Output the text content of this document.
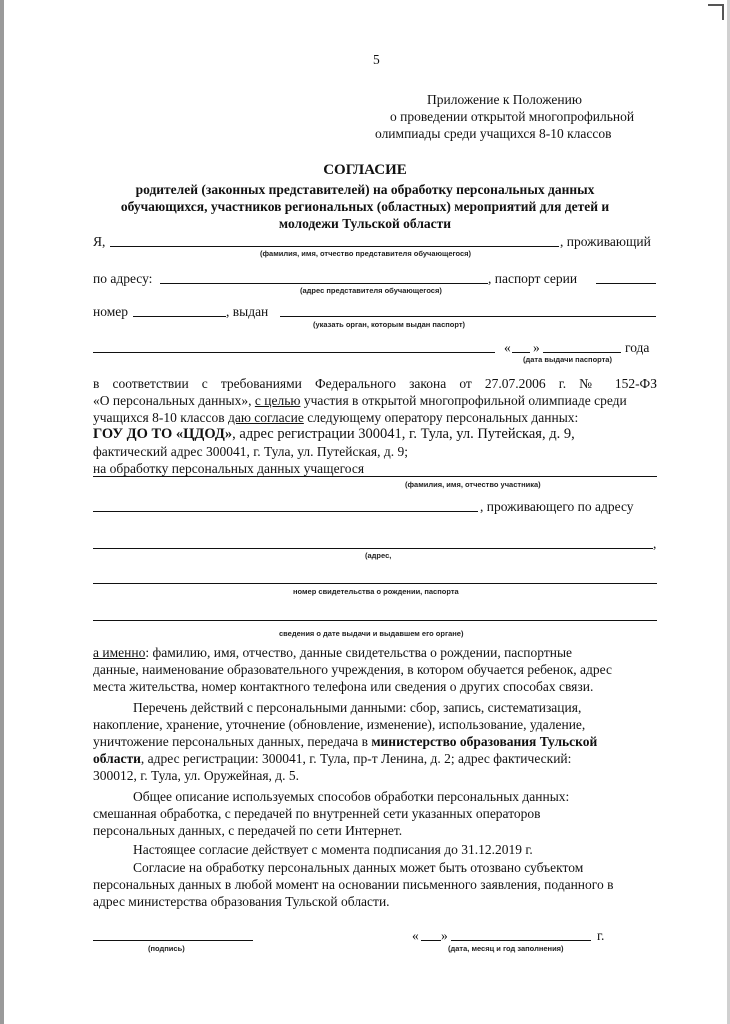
5
Приложение к Положению
о проведении открытой многопрофильной
олимпиады среди учащихся 8-10 классов
СОГЛАСИЕ
родителей (законных представителей) на обработку персональных данных
обучающихся, участников региональных (областных) мероприятий для детей и
молодежи Тульской области
Я,	, проживающий
(фамилия, имя, отчество представителя обучающегося)
по адресу:	, паспорт серии
(адрес представителя обучающегося)
номер	, выдан
(указать орган, которым выдан паспорт)
« »	года
(дата выдачи паспорта)
в соответствии с требованиями Федерального закона от 27.07.2006 г. № 152-ФЗ
«О персональных данных», с целью участия в открытой многопрофильной олимпиаде среди
учащихся 8-10 классов даю согласие следующему оператору персональных данных:
ГОУ ДО ТО «ЦДОД», адрес регистрации 300041, г. Тула, ул. Путейская, д. 9,
фактический адрес 300041, г. Тула, ул. Путейская, д. 9;
на обработку персональных данных учащегося
(фамилия, имя, отчество участника)
, проживающего по адресу
,
(адрес,
номер свидетельства о рождении, паспорта
сведения о дате выдачи и выдавшем его органе)
а именно: фамилию, имя, отчество, данные свидетельства о рождении, паспортные
данные, наименование образовательного учреждения, в котором обучается ребенок, адрес
места жительства, номер контактного телефона или сведения о других способах связи.
Перечень действий с персональными данными: сбор, запись, систематизация,
накопление, хранение, уточнение (обновление, изменение), использование, удаление,
уничтожение персональных данных, передача в министерство образования Тульской
области, адрес регистрации: 300041, г. Тула, пр-т Ленина, д. 2; адрес фактический:
300012, г. Тула, ул. Оружейная, д. 5.
Общее описание используемых способов обработки персональных данных:
смешанная обработка, с передачей по внутренней сети указанных операторов
персональных данных, с передачей по сети Интернет.
Настоящее согласие действует с момента подписания до 31.12.2019 г.
Согласие на обработку персональных данных может быть отозвано субъектом
персональных данных в любой момент на основании письменного заявления, поданного в
адрес министерства образования Тульской области.
(подпись)
« »	г.
(дата, месяц и год заполнения)
